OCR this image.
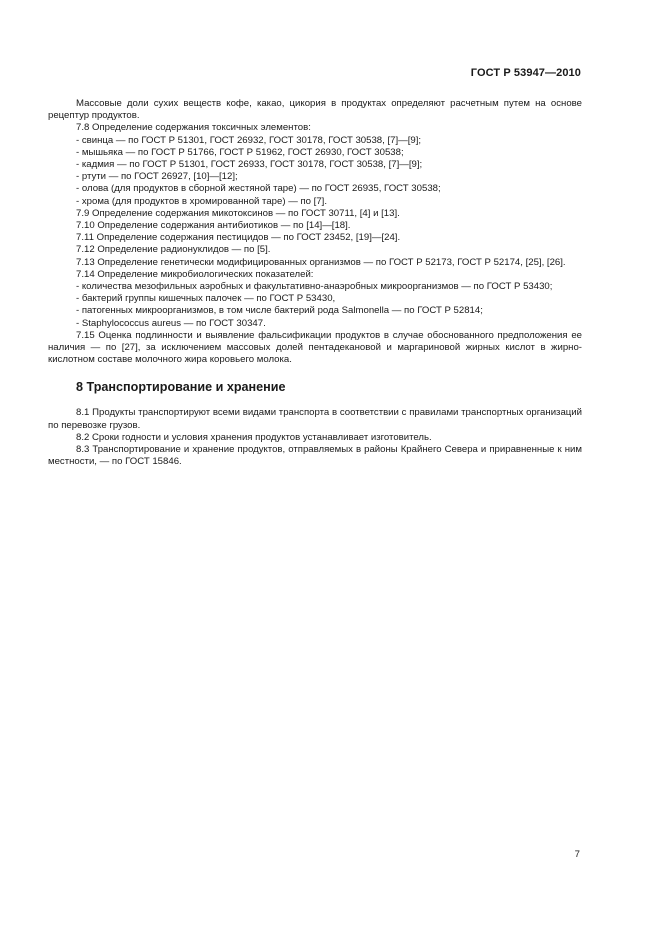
ГОСТ Р 53947—2010

Массовые доли сухих веществ кофе, какао, цикория в продуктах определяют расчетным путем на основе рецептур продуктов.

7.8 Определение содержания токсичных элементов:

- свинца — по ГОСТ Р 51301, ГОСТ 26932, ГОСТ 30178, ГОСТ 30538, [7]—[9];

- мышьяка — по ГОСТ Р 51766, ГОСТ Р 51962, ГОСТ 26930, ГОСТ 30538;

- кадмия — по ГОСТ Р 51301, ГОСТ 26933, ГОСТ 30178, ГОСТ 30538, [7]—[9];

- ртути — по ГОСТ 26927, [10]—[12];

- олова (для продуктов в сборной жестяной таре) — по ГОСТ 26935, ГОСТ 30538;

- хрома (для продуктов в хромированной таре) — по [7].

7.9 Определение содержания микотоксинов — по ГОСТ 30711, [4] и [13].

7.10 Определение содержания антибиотиков — по [14]—[18].

7.11 Определение содержания пестицидов — по ГОСТ 23452, [19]—[24].

7.12 Определение радионуклидов — по [5].

7.13 Определение генетически модифицированных организмов — по ГОСТ Р 52173, ГОСТ Р 52174, [25], [26].

7.14 Определение микробиологических показателей:

- количества мезофильных аэробных и факультативно-анаэробных микроорганизмов — по ГОСТ Р 53430;

- бактерий группы кишечных палочек — по ГОСТ Р 53430,

- патогенных микроорганизмов, в том числе бактерий рода Salmonella — по ГОСТ Р 52814;

- Staphylococcus aureus — по ГОСТ 30347.

7.15 Оценка подлинности и выявление фальсификации продуктов в случае обоснованного предположения ее наличия — по [27], за исключением массовых долей пентадекановой и маргариновой жирных кислот в жирно-кислотном составе молочного жира коровьего молока.

8 Транспортирование и хранение

8.1 Продукты транспортируют всеми видами транспорта в соответствии с правилами транспортных организаций по перевозке грузов.

8.2 Сроки годности и условия хранения продуктов устанавливает изготовитель.

8.3 Транспортирование и хранение продуктов, отправляемых в районы Крайнего Севера и приравненные к ним местности, — по ГОСТ 15846.

7
